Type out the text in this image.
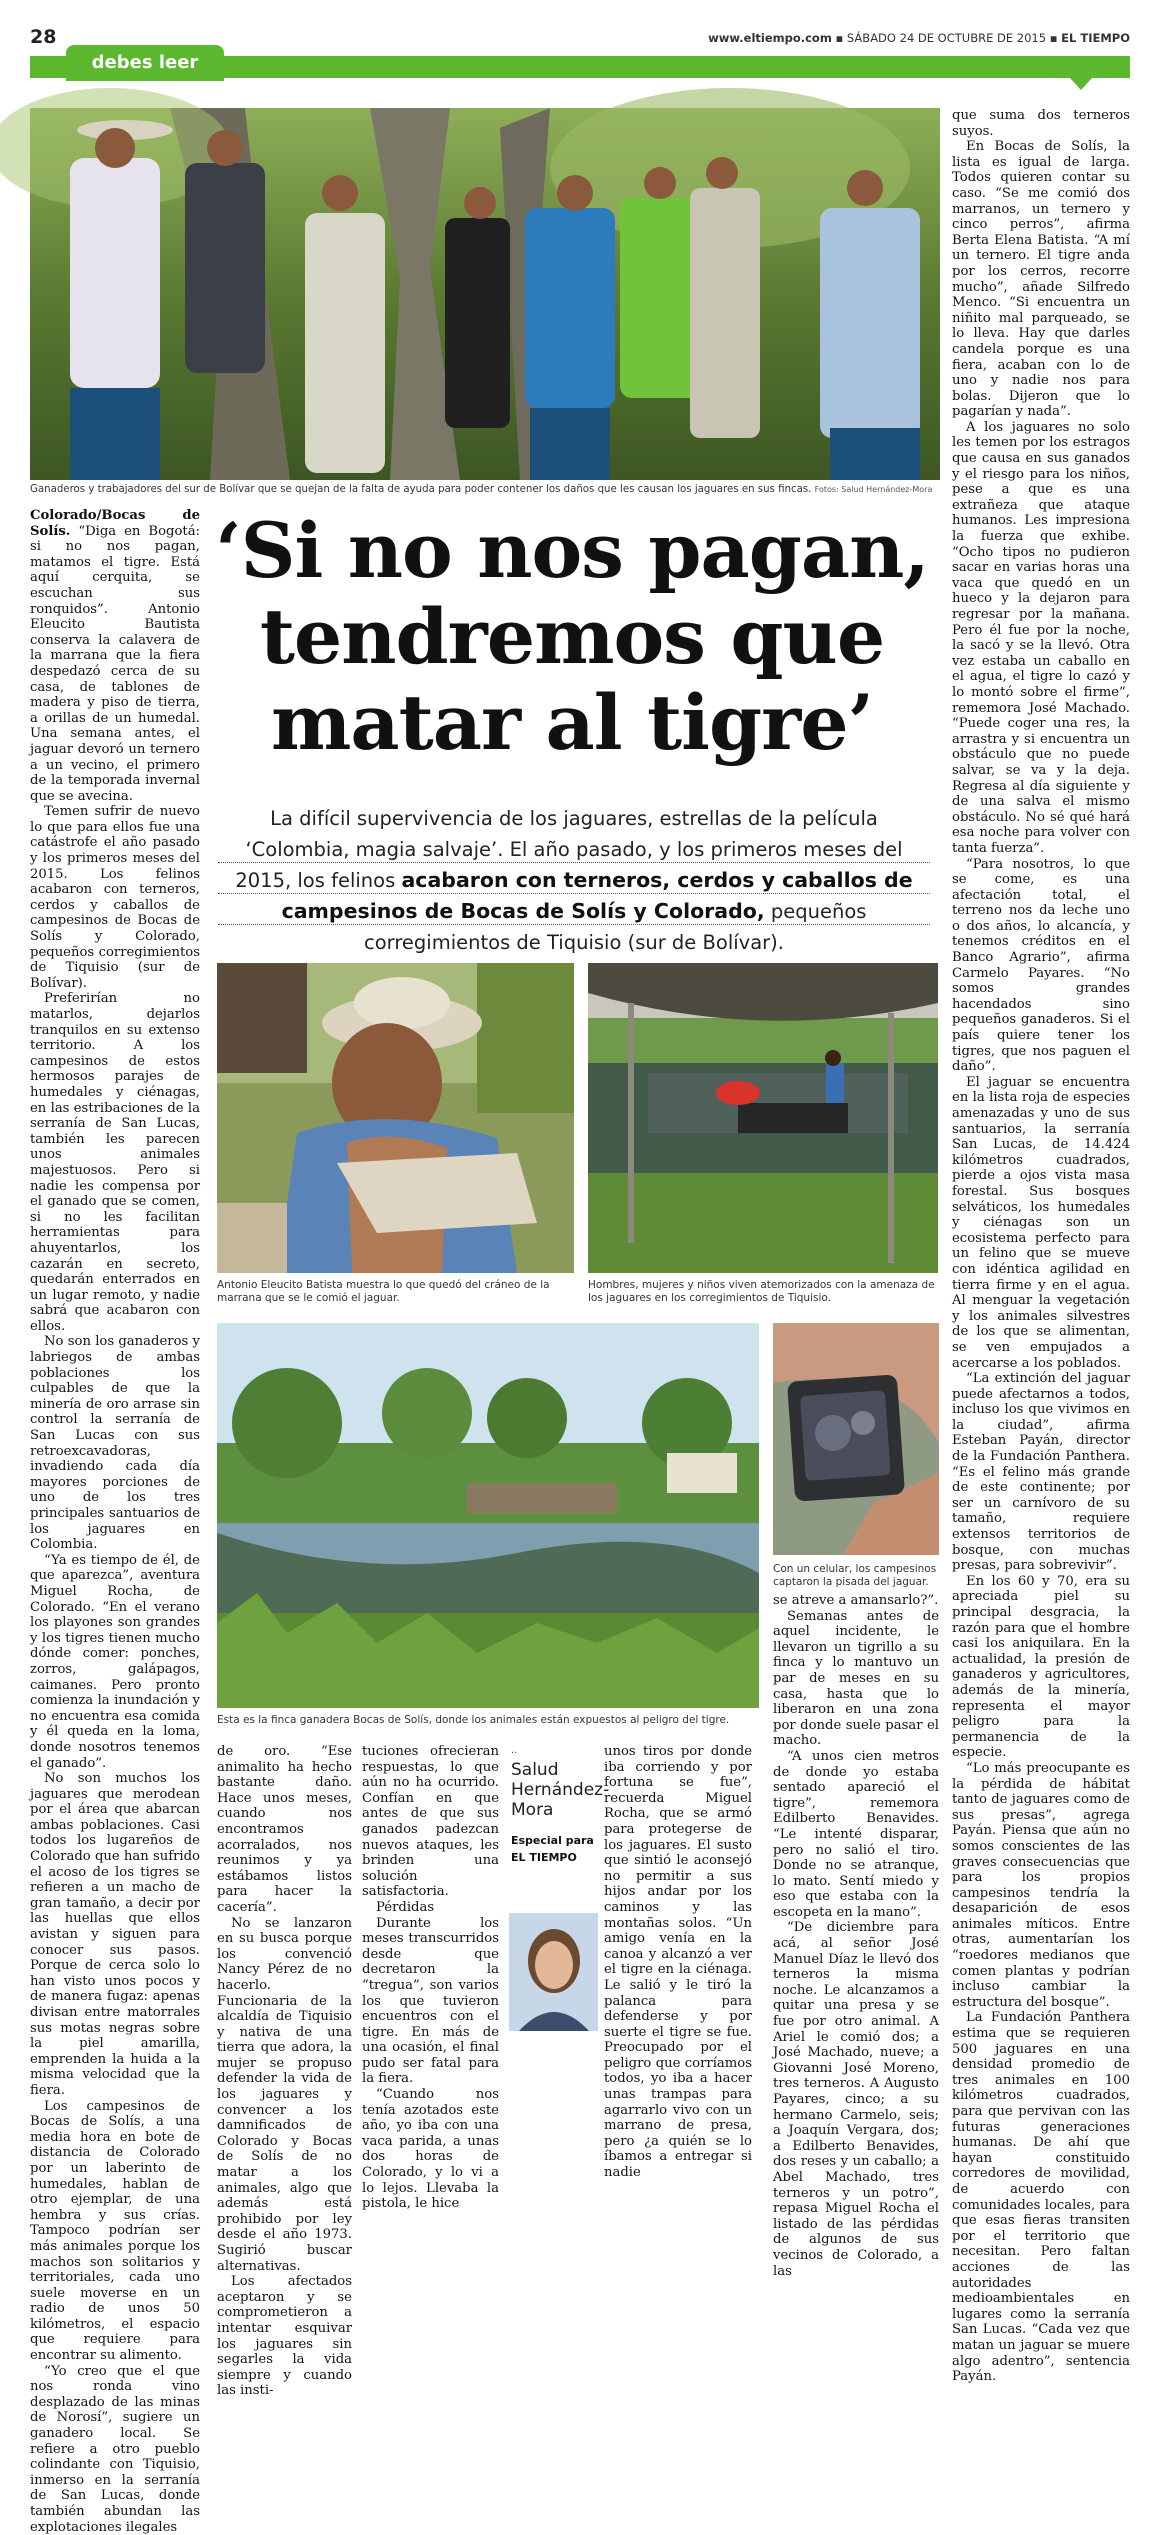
28	www.eltiempo.com ▪ SÁBADO 24 DE OCTUBRE DE 2015 ▪ EL TIEMPO
debes leer
Ganaderos y trabajadores del sur de Bolívar que se quejan de la falta de ayuda para poder contener los daños que les causan los jaguares en sus fincas. Fotos: Salud Hernández-Mora

Colorado/Bocas de Solís. “Diga en Bogotá: si no nos pagan, matamos el tigre. Está aquí cerquita, se escuchan sus ronquidos”. Antonio Eleucito Bautista conserva la calavera de la marrana que la fiera despedazó cerca de su casa, de tablones de madera y piso de tierra, a orillas de un humedal. Una semana antes, el jaguar devoró un ternero a un vecino, el primero de la temporada invernal que se avecina.

Temen sufrir de nuevo lo que para ellos fue una catástrofe el año pasado y los primeros meses del 2015. Los felinos acabaron con terneros, cerdos y caballos de campesinos de Bocas de Solís y Colorado, pequeños corregimientos de Tiquisio (sur de Bolívar).

Preferirían no matarlos, dejarlos tranquilos en su extenso territorio. A los campesinos de estos hermosos parajes de humedales y ciénagas, en las estribaciones de la serranía de San Lucas, también les parecen unos animales majestuosos. Pero si nadie les compensa por el ganado que se comen, si no les facilitan herramientas para ahuyentarlos, los cazarán en secreto, quedarán enterrados en un lugar remoto, y nadie sabrá que acabaron con ellos.

No son los ganaderos y labriegos de ambas poblaciones los culpables de que la minería de oro arrase sin control la serranía de San Lucas con sus retroexcavadoras, invadiendo cada día mayores porciones de uno de los tres principales santuarios de los jaguares en Colombia.

“Ya es tiempo de él, de que aparezca”, aventura Miguel Rocha, de Colorado. “En el verano los playones son grandes y los tigres tienen mucho dónde comer: ponches, zorros, galápagos, caimanes. Pero pronto comienza la inundación y no encuentra esa comida y él queda en la loma, donde nosotros tenemos el ganado”.

No son muchos los jaguares que merodean por el área que abarcan ambas poblaciones. Casi todos los lugareños de Colorado que han sufrido el acoso de los tigres se refieren a un macho de gran tamaño, a decir por las huellas que ellos avistan y siguen para conocer sus pasos. Porque de cerca solo lo han visto unos pocos y de manera fugaz: apenas divisan entre matorrales sus motas negras sobre la piel amarilla, emprenden la huida a la misma velocidad que la fiera.

Los campesinos de Bocas de Solís, a una media hora en bote de distancia de Colorado por un laberinto de humedales, hablan de otro ejemplar, de una hembra y sus crías. Tampoco podrían ser más animales porque los machos son solitarios y territoriales, cada uno suele moverse en un radio de unos 50 kilómetros, el espacio que requiere para encontrar su alimento.

“Yo creo que el que nos ronda vino desplazado de las minas de Norosí”, sugiere un ganadero local. Se refiere a otro pueblo colindante con Tiquisio, inmerso en la serranía de San Lucas, donde también abundan las explotaciones ilegales

‘Si no nos pagan,
tendremos que
matar al tigre’
La difícil supervivencia de los jaguares, estrellas de la película ‘Colombia, magia salvaje’. El año pasado, y los primeros meses del 2015, los felinos acabaron con terneros, cerdos y caballos de campesinos de Bocas de Solís y Colorado, pequeños corregimientos de Tiquisio (sur de Bolívar).
Antonio Eleucito Batista muestra lo que quedó del cráneo de la marrana que se le comió el jaguar.
Hombres, mujeres y niños viven atemorizados con la amenaza de los jaguares en los corregimientos de Tiquisio.
Esta es la finca ganadera Bocas de Solís, donde los animales están expuestos al peligro del tigre.
Con un celular, los campesinos captaron la pisada del jaguar.

de oro. “Ese animalito ha hecho bastante daño. Hace unos meses, cuando nos encontramos acorralados, nos reunimos y ya estábamos listos para hacer la cacería”.

No se lanzaron en su busca porque los convenció Nancy Pérez de no hacerlo. Funcionaria de la alcaldía de Tiquisio y nativa de una tierra que adora, la mujer se propuso defender la vida de los jaguares y convencer a los damnificados de Colorado y Bocas de Solís de no matar a los animales, algo que además está prohibido por ley desde el año 1973. Sugirió buscar alternativas.

Los afectados aceptaron y se comprometieron a intentar esquivar los jaguares sin segarles la vida siempre y cuando las insti-

tuciones ofrecieran respuestas, lo que aún no ha ocurrido. Confían en que antes de que sus ganados padezcan nuevos ataques, les brinden una solución satisfactoria.

Pérdidas

Durante los meses transcurridos desde que decretaron la “tregua”, son varios los que tuvieron encuentros con el tigre. En más de una ocasión, el final pudo ser fatal para la fiera.

“Cuando nos tenía azotados este año, yo iba con una vaca parida, a unas dos horas de Colorado, y lo vi a lo lejos. Llevaba la pistola, le hice

..
Salud Hernández-Mora
Especial para
EL TIEMPO

unos tiros por donde iba corriendo y por fortuna se fue”, recuerda Miguel Rocha, que se armó para protegerse de los jaguares. El susto que sintió le aconsejó no permitir a sus hijos andar por los caminos y las montañas solos. “Un amigo venía en la canoa y alcanzó a ver el tigre en la ciénaga. Le salió y le tiró la palanca para defenderse y por suerte el tigre se fue. Preocupado por el peligro que corríamos todos, yo iba a hacer unas trampas para agarrarlo vivo con un marrano de presa, pero ¿a quién se lo íbamos a entregar si nadie

se atreve a amansarlo?”.

Semanas antes de aquel incidente, le llevaron un tigrillo a su finca y lo mantuvo un par de meses en su casa, hasta que lo liberaron en una zona por donde suele pasar el macho.

“A unos cien metros de donde yo estaba sentado apareció el tigre”, rememora Edilberto Benavides. “Le intenté disparar, pero no salió el tiro. Donde no se atranque, lo mato. Sentí miedo y eso que estaba con la escopeta en la mano”.

“De diciembre para acá, al señor José Manuel Díaz le llevó dos terneros la misma noche. Le alcanzamos a quitar una presa y se fue por otro animal. A Ariel le comió dos; a José Machado, nueve; a Giovanni José Moreno, tres terneros. A Augusto Payares, cinco; a su hermano Carmelo, seis; a Joaquín Vergara, dos; a Edilberto Benavides, dos reses y un caballo; a Abel Machado, tres terneros y un potro”, repasa Miguel Rocha el listado de las pérdidas de algunos de sus vecinos de Colorado, a las

que suma dos terneros suyos.

En Bocas de Solís, la lista es igual de larga. Todos quieren contar su caso. “Se me comió dos marranos, un ternero y cinco perros”, afirma Berta Elena Batista. “A mí un ternero. El tigre anda por los cerros, recorre mucho”, añade Silfredo Menco. “Si encuentra un niñito mal parqueado, se lo lleva. Hay que darles candela porque es una fiera, acaban con lo de uno y nadie nos para bolas. Dijeron que lo pagarían y nada”.

A los jaguares no solo les temen por los estragos que causa en sus ganados y el riesgo para los niños, pese a que es una extrañeza que ataque humanos. Les impresiona la fuerza que exhibe. “Ocho tipos no pudieron sacar en varias horas una vaca que quedó en un hueco y la dejaron para regresar por la mañana. Pero él fue por la noche, la sacó y se la llevó. Otra vez estaba un caballo en el agua, el tigre lo cazó y lo montó sobre el firme”, rememora José Machado. “Puede coger una res, la arrastra y si encuentra un obstáculo que no puede salvar, se va y la deja. Regresa al día siguiente y de una salva el mismo obstáculo. No sé qué hará esa noche para volver con tanta fuerza”.

“Para nosotros, lo que se come, es una afectación total, el terreno nos da leche uno o dos años, lo alcancía, y tenemos créditos en el Banco Agrario”, afirma Carmelo Payares. “No somos grandes hacendados sino pequeños ganaderos. Si el país quiere tener los tigres, que nos paguen el daño”.

El jaguar se encuentra en la lista roja de especies amenazadas y uno de sus santuarios, la serranía San Lucas, de 14.424 kilómetros cuadrados, pierde a ojos vista masa forestal. Sus bosques selváticos, los humedales y ciénagas son un ecosistema perfecto para un felino que se mueve con idéntica agilidad en tierra firme y en el agua. Al menguar la vegetación y los animales silvestres de los que se alimentan, se ven empujados a acercarse a los poblados.

“La extinción del jaguar puede afectarnos a todos, incluso los que vivimos en la ciudad”, afirma Esteban Payán, director de la Fundación Panthera. “Es el felino más grande de este continente; por ser un carnívoro de su tamaño, requiere extensos territorios de bosque, con muchas presas, para sobrevivir”.

En los 60 y 70, era su apreciada piel su principal desgracia, la razón para que el hombre casi los aniquilara. En la actualidad, la presión de ganaderos y agricultores, además de la minería, representa el mayor peligro para la permanencia de la especie.

“Lo más preocupante es la pérdida de hábitat tanto de jaguares como de sus presas”, agrega Payán. Piensa que aún no somos conscientes de las graves consecuencias que para los propios campesinos tendría la desaparición de esos animales míticos. Entre otras, aumentarían los “roedores medianos que comen plantas y podrían incluso cambiar la estructura del bosque”.

La Fundación Panthera estima que se requieren 500 jaguares en una densidad promedio de tres animales en 100 kilómetros cuadrados, para que pervivan con las futuras generaciones humanas. De ahí que hayan constituido corredores de movilidad, de acuerdo con comunidades locales, para que esas fieras transiten por el territorio que necesitan. Pero faltan acciones de las autoridades medioambientales en lugares como la serranía San Lucas. “Cada vez que matan un jaguar se muere algo adentro”, sentencia Payán.
